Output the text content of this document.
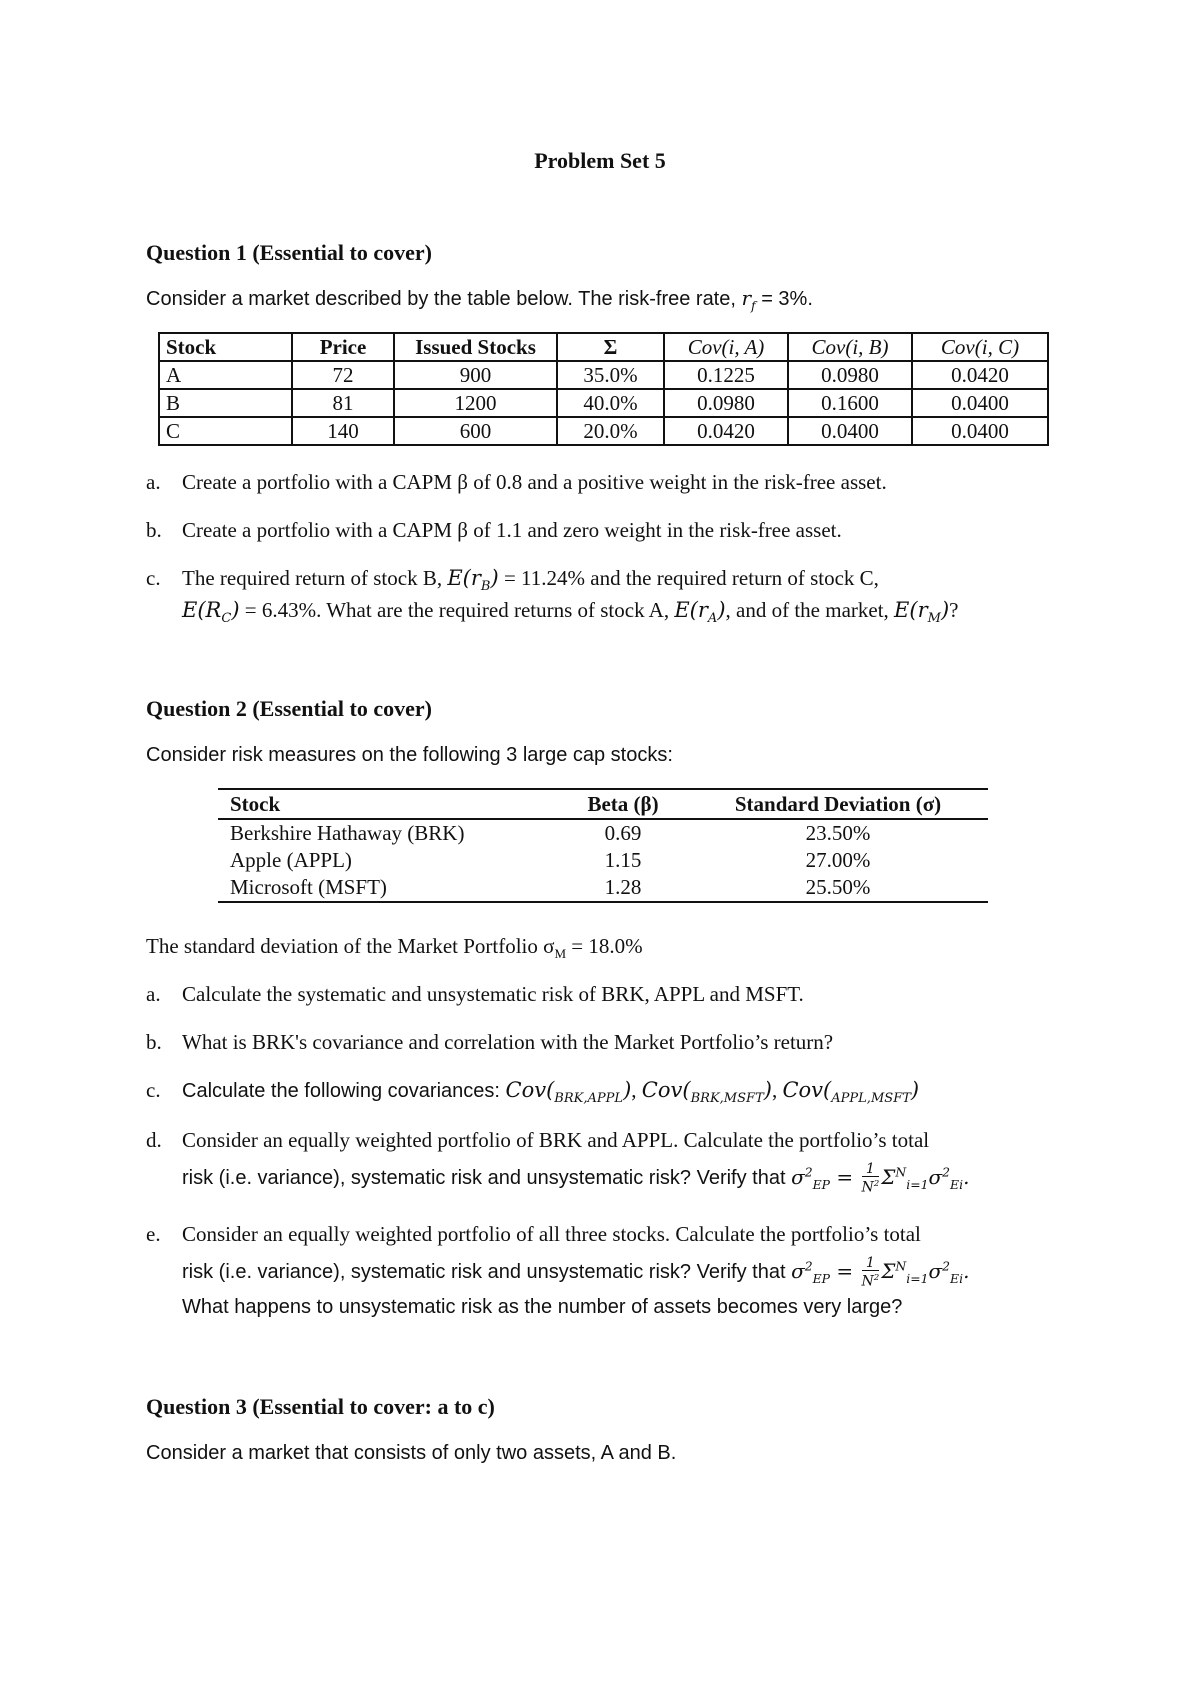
Problem Set 5
Question 1 (Essential to cover)
Consider a market described by the table below. The risk-free rate, $r_f = 3\%$.
Stock	Price	Issued Stocks	Σ	Cov(i, A)	Cov(i, B)	Cov(i, C)
A	72	900	35.0%	0.1225	0.0980	0.0420
B	81	1200	40.0%	0.0980	0.1600	0.0400
C	140	600	20.0%	0.0420	0.0400	0.0400
a. Create a portfolio with a CAPM β of 0.8 and a positive weight in the risk-free asset.
b. Create a portfolio with a CAPM β of 1.1 and zero weight in the risk-free asset.
c. The required return of stock B, $E(r_B) = 11.24\%$ and the required return of stock C,
$E(R_C) = 6.43\%$. What are the required returns of stock A, $E(r_A)$, and of the market, $E(r_M)$?
Question 2 (Essential to cover)
Consider risk measures on the following 3 large cap stocks:
Stock	Beta (β)	Standard Deviation (σ)
Berkshire Hathaway (BRK)	0.69	23.50%
Apple (APPL)	1.15	27.00%
Microsoft (MSFT)	1.28	25.50%
The standard deviation of the Market Portfolio $\sigma_M = 18.0\%$
a. Calculate the systematic and unsystematic risk of BRK, APPL and MSFT.
b. What is BRK's covariance and correlation with the Market Portfolio’s return?
c. Calculate the following covariances: $Cov(_{BRK,APPL})$, $Cov(_{BRK,MSFT})$, $Cov(_{APPL,MSFT})$
d. Consider an equally weighted portfolio of BRK and APPL. Calculate the portfolio’s total
risk (i.e. variance), systematic risk and unsystematic risk? Verify that $\sigma^2_{EP} = \frac{1}{N^2} \Sigma^N_{i=1}\sigma^2_{Ei}$.
e. Consider an equally weighted portfolio of all three stocks. Calculate the portfolio’s total
risk (i.e. variance), systematic risk and unsystematic risk? Verify that $\sigma^2_{EP} = \frac{1}{N^2} \Sigma^N_{i=1}\sigma^2_{Ei}$.
What happens to unsystematic risk as the number of assets becomes very large?
Question 3 (Essential to cover: a to c)
Consider a market that consists of only two assets, A and B.
